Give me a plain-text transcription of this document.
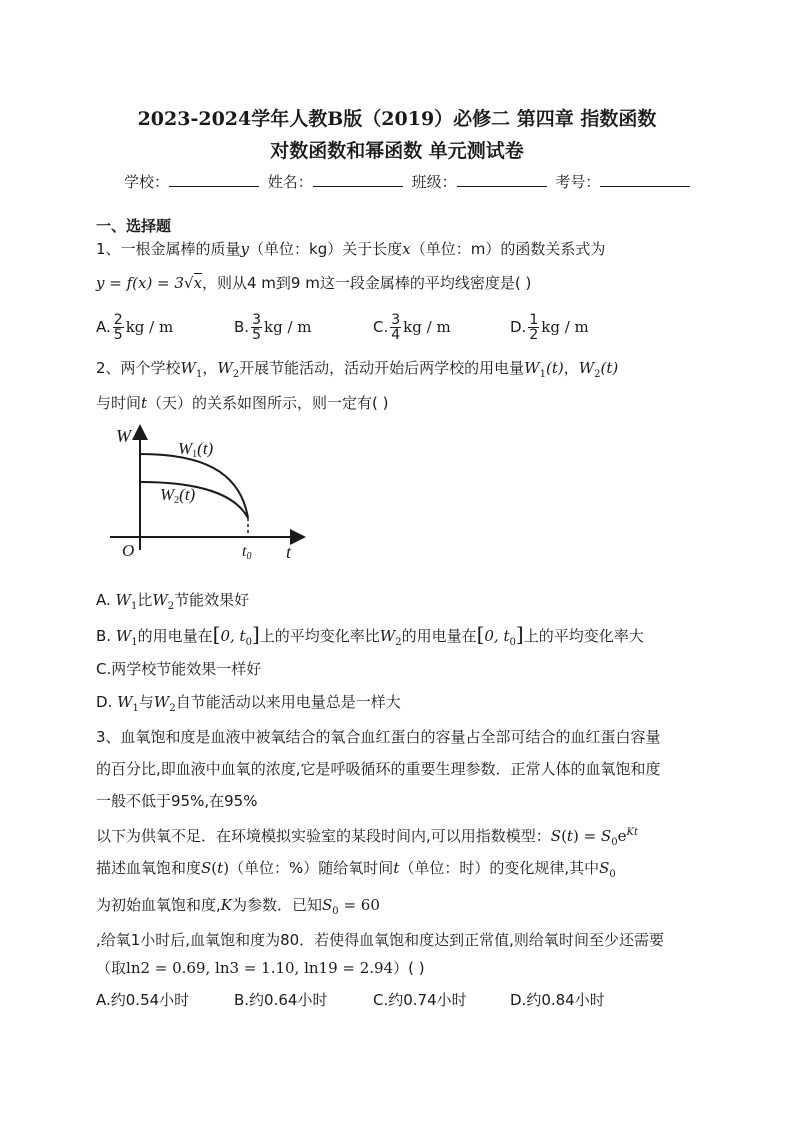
2023-2024学年人教B版（2019）必修二 第四章 指数函数
对数函数和幂函数 单元测试卷
学校：	姓名：	班级：	考号：
一、选择题
1、一根金属棒的质量y（单位：kg）关于长度x（单位：m）的函数关系式为
y = f(x) = 3√x，则从4 m到9 m这一段金属棒的平均线密度是( )
A. $\frac{2}{5}$ kg / m	B. $\frac{3}{5}$ kg / m	C. $\frac{3}{4}$ kg / m	D. $\frac{1}{2}$ kg / m
2、两个学校$W_1$，$W_2$开展节能活动，活动开始后两学校的用电量$W_1(t)$，$W_2(t)$
与时间t（天）的关系如图所示，则一定有( )
W
t
O	t0
W1(t)
W2(t)
A. $W_1$比$W_2$节能效果好
B. $W_1$的用电量在[0, $t_0$]上的平均变化率比$W_2$的用电量在[0, $t_0$]上的平均变化率大
C.两学校节能效果一样好
D. $W_1$与$W_2$自节能活动以来用电量总是一样大
3、血氧饱和度是血液中被氧结合的氧合血红蛋白的容量占全部可结合的血红蛋白容量
的百分比,即血液中血氧的浓度,它是呼吸循环的重要生理参数．正常人体的血氧饱和度
一般不低于95%,在95%
以下为供氧不足．在环境模拟实验室的某段时间内,可以用指数模型：$S(t) = S_0e^{Kt}$
描述血氧饱和度S(t)（单位：%）随给氧时间t（单位：时）的变化规律,其中$S_0$
为初始血氧饱和度,K为参数．已知$S_0 = 60$
,给氧1小时后,血氧饱和度为80．若使得血氧饱和度达到正常值,则给氧时间至少还需要
（取ln2 = 0.69, ln3 = 1.10, ln19 = 2.94）( )
A.约0.54小时	B.约0.64小时	C.约0.74小时	D.约0.84小时
